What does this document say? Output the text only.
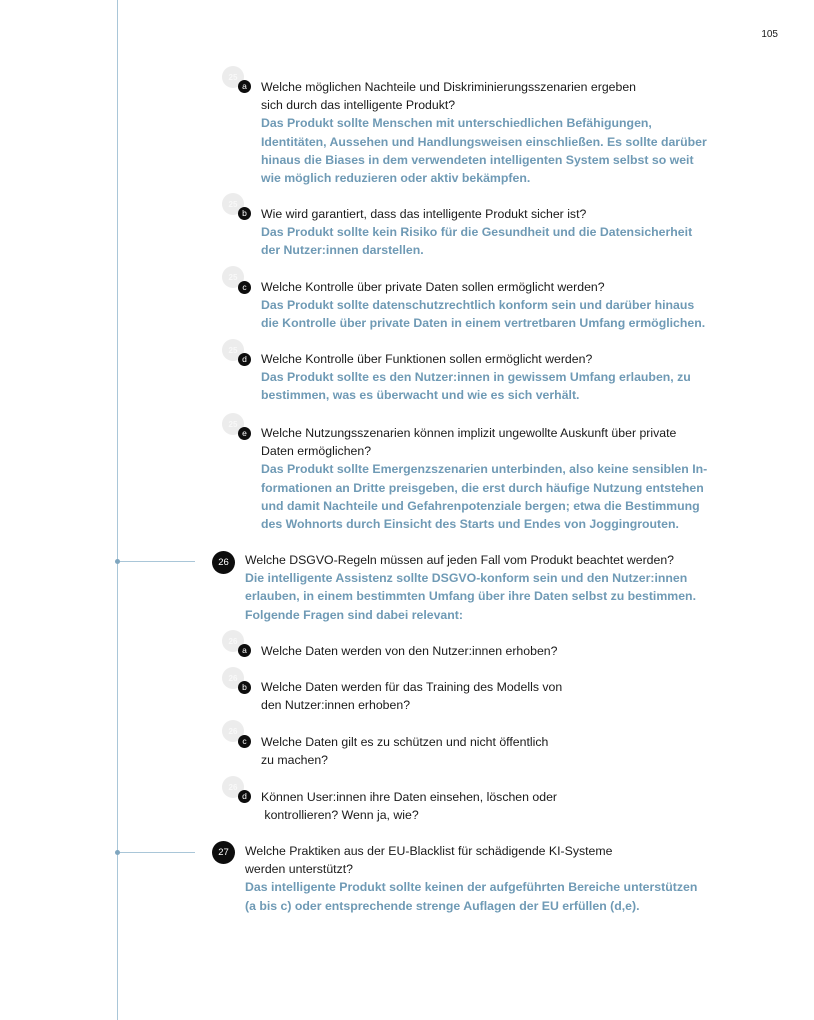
105
25
a	Welche möglichen Nachteile und Diskriminierungsszenarien ergeben

sich durch das intelligente Produkt?

Das Produkt sollte Menschen mit unterschiedlichen Befähigungen,

Identitäten, Aussehen und Handlungsweisen einschließen. Es sollte darüber

hinaus die Biases in dem verwendeten intelligenten System selbst so weit

wie möglich reduzieren oder aktiv bekämpfen.

25
b	Wie wird garantiert, dass das intelligente Produkt sicher ist?

Das Produkt sollte kein Risiko für die Gesundheit und die Datensicherheit

der Nutzer:innen darstellen.

25
c	Welche Kontrolle über private Daten sollen ermöglicht werden?

Das Produkt sollte datenschutzrechtlich konform sein und darüber hinaus

die Kontrolle über private Daten in einem vertretbaren Umfang ermöglichen.

25
d	Welche Kontrolle über Funktionen sollen ermöglicht werden?

Das Produkt sollte es den Nutzer:innen in gewissem Umfang erlauben, zu

bestimmen, was es überwacht und wie es sich verhält.

25
e	Welche Nutzungsszenarien können implizit ungewollte Auskunft über private

Daten ermöglichen?

Das Produkt sollte Emergenzszenarien unterbinden, also keine sensiblen In-

formationen an Dritte preisgeben, die erst durch häufige Nutzung entstehen

und damit Nachteile und Gefahrenpotenziale bergen; etwa die Bestimmung

des Wohnorts durch Einsicht des Starts und Endes von Joggingrouten.

26	Welche DSGVO-Regeln müssen auf jeden Fall vom Produkt beachtet werden?

Die intelligente Assistenz sollte DSGVO-konform sein und den Nutzer:innen

erlauben, in einem bestimmten Umfang über ihre Daten selbst zu bestimmen.

Folgende Fragen sind dabei relevant:

26
a	Welche Daten werden von den Nutzer:innen erhoben?

26
b	Welche Daten werden für das Training des Modells von

den Nutzer:innen erhoben?

26
c	Welche Daten gilt es zu schützen und nicht öffentlich

zu machen?

26
d	Können User:innen ihre Daten einsehen, löschen oder

kontrollieren? Wenn ja, wie?

27	Welche Praktiken aus der EU-Blacklist für schädigende KI-Systeme

werden unterstützt?

Das intelligente Produkt sollte keinen der aufgeführten Bereiche unterstützen

(a bis c) oder entsprechende strenge Auflagen der EU erfüllen (d,e).
